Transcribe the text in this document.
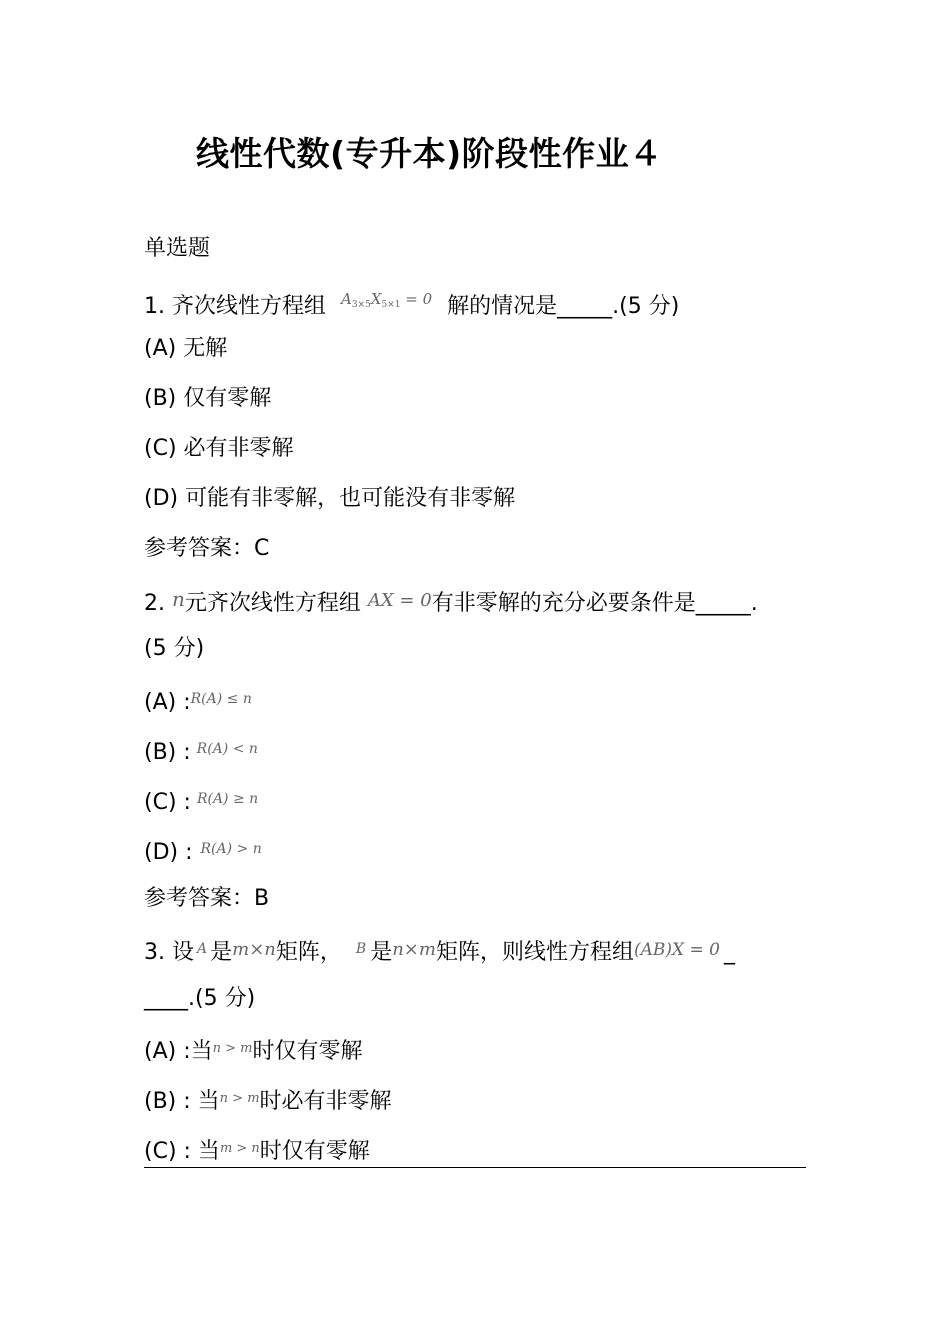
线性代数(专升本)阶段性作业４
单选题
1. 齐次线性方程组 $^{A_{3\times 5}X_{5\times 1} = 0}$ 解的情况是_____.(5 分)
(A) 无解
(B) 仅有零解
(C) 必有非零解
(D) 可能有非零解，也可能没有非零解
参考答案：C
2. n元齐次线性方程组 AX = 0有非零解的充分必要条件是_____.
(5 分)
(A) :$^{R(A) \le n}$
(B) : $^{R(A) < n}$
(C) : $^{R(A) \ge n}$
(D) : $^{R(A) > n}$
参考答案：B
3. 设 $^A$ 是m×n矩阵， $^B$ 是n×m矩阵，则线性方程组(AB)X = 0 _
____.(5 分)
(A) :当$^{n > m}$时仅有零解
(B) : 当$^{n > m}$时必有非零解
(C) : 当$^{m > n}$时仅有零解
